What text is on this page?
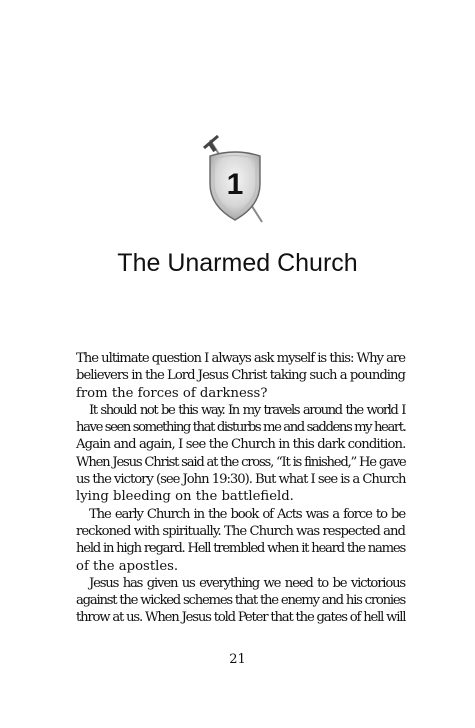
1
The Unarmed Church

The ultimate question I always ask myself is this: Why are
believers in the Lord Jesus Christ taking such a pounding
from the forces of darkness?

It should not be this way. In my travels around the world I
have seen something that disturbs me and saddens my heart.
Again and again, I see the Church in this dark condition.
When Jesus Christ said at the cross, “It is finished,” He gave
us the victory (see John 19:30). But what I see is a Church
lying bleeding on the battlefield.

The early Church in the book of Acts was a force to be
reckoned with spiritually. The Church was respected and
held in high regard. Hell trembled when it heard the names
of the apostles.

Jesus has given us everything we need to be victorious
against the wicked schemes that the enemy and his cronies
throw at us. When Jesus told Peter that the gates of hell will

21
